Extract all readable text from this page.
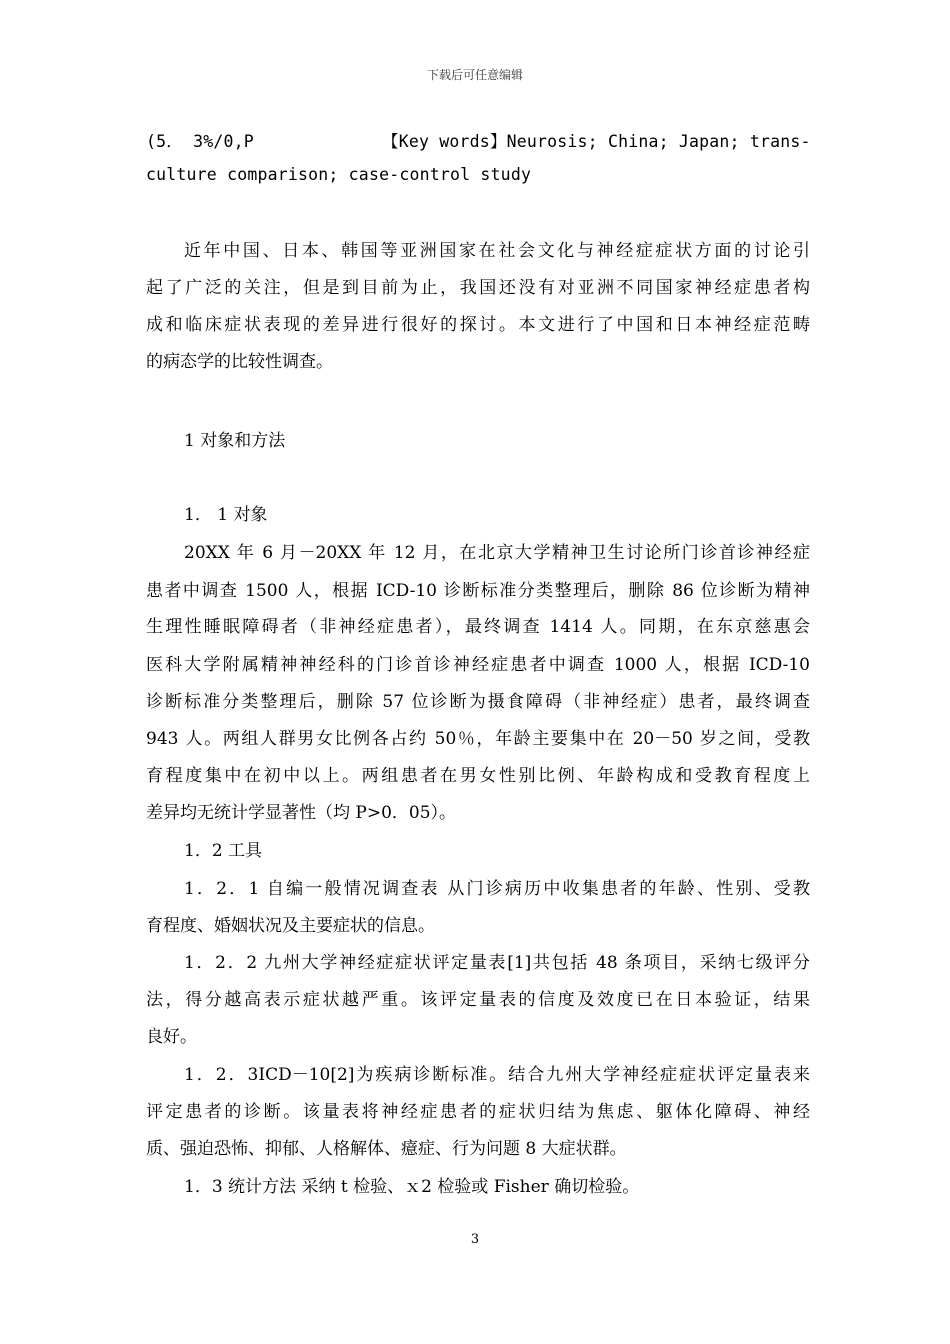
下载后可任意编辑
(5． 3%/0,P	【Key words】Neurosis; China; Japan; trans-
culture comparison; case-control study
近年中国、日本、韩国等亚洲国家在社会文化与神经症症状方面的讨论引
起了广泛的关注，但是到目前为止，我国还没有对亚洲不同国家神经症患者构
成和临床症状表现的差异进行很好的探讨。本文进行了中国和日本神经症范畴
的病态学的比较性调查。
1 对象和方法
1． 1 对象
20XX 年 6 月－20XX 年 12 月，在北京大学精神卫生讨论所门诊首诊神经症
患者中调查 1500 人，根据 ICD-10 诊断标准分类整理后，删除 86 位诊断为精神
生理性睡眠障碍者（非神经症患者），最终调查 1414 人。同期，在东京慈惠会
医科大学附属精神神经科的门诊首诊神经症患者中调查 1000 人，根据 ICD-10
诊断标准分类整理后，删除 57 位诊断为摄食障碍（非神经症）患者，最终调查
943 人。两组人群男女比例各占约 50％，年龄主要集中在 20－50 岁之间，受教
育程度集中在初中以上。两组患者在男女性别比例、年龄构成和受教育程度上
差异均无统计学显著性（均 P>0．05）。
1．2 工具
1．2．1 自编一般情况调查表 从门诊病历中收集患者的年龄、性别、受教
育程度、婚姻状况及主要症状的信息。
1．2．2 九州大学神经症症状评定量表[1]共包括 48 条项目，采纳七级评分
法，得分越高表示症状越严重。该评定量表的信度及效度已在日本验证，结果
良好。
1．2．3ICD－10[2]为疾病诊断标准。结合九州大学神经症症状评定量表来
评定患者的诊断。该量表将神经症患者的症状归结为焦虑、躯体化障碍、神经
质、强迫恐怖、抑郁、人格解体、癔症、行为问题 8 大症状群。
1．3 统计方法 采纳 t 检验、ｘ2 检验或 Fisher 确切检验。
3
